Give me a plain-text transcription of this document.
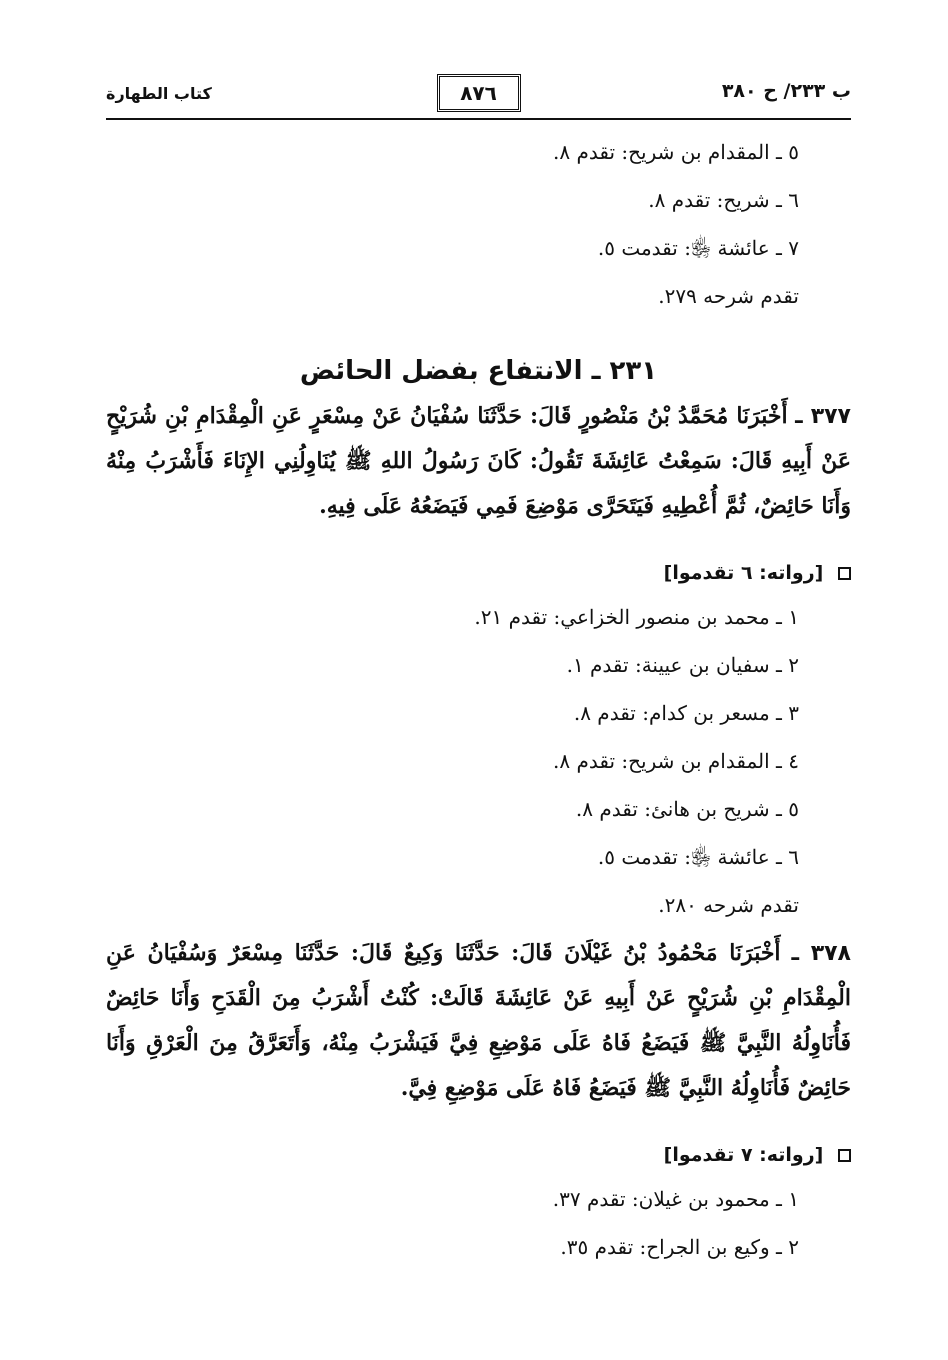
ب ٢٣٣/ ح ٣٨٠
٨٧٦
كتاب الطهارة
٥ ـ المقدام بن شريح: تقدم ٨.
٦ ـ شريح: تقدم ٨.
٧ ـ عائشة ﵂: تقدمت ٥.
تقدم شرحه ٢٧٩.
٢٣١ ـ الانتفاع بفضل الحائض

٣٧٧ ـ أَخْبَرَنَا مُحَمَّدُ بْنُ مَنْصُورٍ قَالَ: حَدَّثَنَا سُفْيَانُ عَنْ مِسْعَرٍ عَنِ الْمِقْدَامِ بْنِ شُرَيْحٍ عَنْ أَبِيهِ قَالَ: سَمِعْتُ عَائِشَةَ تَقُولُ: كَانَ رَسُولُ اللهِ ﷺ يُنَاوِلُنِي الإِنَاءَ فَأَشْرَبُ مِنْهُ وَأَنَا حَائِضٌ، ثُمَّ أُعْطِيهِ فَيَتَحَرَّى مَوْضِعَ فَمِي فَيَضَعُهُ عَلَى فِيهِ.

[رواته: ٦ تقدموا]
١ ـ محمد بن منصور الخزاعي: تقدم ٢١.
٢ ـ سفيان بن عيينة: تقدم ١.
٣ ـ مسعر بن كدام: تقدم ٨.
٤ ـ المقدام بن شريح: تقدم ٨.
٥ ـ شريح بن هانئ: تقدم ٨.
٦ ـ عائشة ﵂: تقدمت ٥.
تقدم شرحه ٢٨٠.

٣٧٨ ـ أَخْبَرَنَا مَحْمُودُ بْنُ غَيْلَانَ قَالَ: حَدَّثَنَا وَكِيعٌ قَالَ: حَدَّثَنَا مِسْعَرٌ وَسُفْيَانُ عَنِ الْمِقْدَامِ بْنِ شُرَيْحٍ عَنْ أَبِيهِ عَنْ عَائِشَةَ قَالَتْ: كُنْتُ أَشْرَبُ مِنَ الْقَدَحِ وَأَنَا حَائِضٌ فَأُنَاوِلُهُ النَّبِيَّ ﷺ فَيَضَعُ فَاهُ عَلَى مَوْضِعِ فِيَّ فَيَشْرَبُ مِنْهُ، وَأَتَعَرَّقُ مِنَ الْعَرْقِ وَأَنَا حَائِضٌ فَأُنَاوِلُهُ النَّبِيَّ ﷺ فَيَضَعُ فَاهُ عَلَى مَوْضِعِ فِيَّ.

[رواته: ٧ تقدموا]
١ ـ محمود بن غيلان: تقدم ٣٧.
٢ ـ وكيع بن الجراح: تقدم ٣٥.
